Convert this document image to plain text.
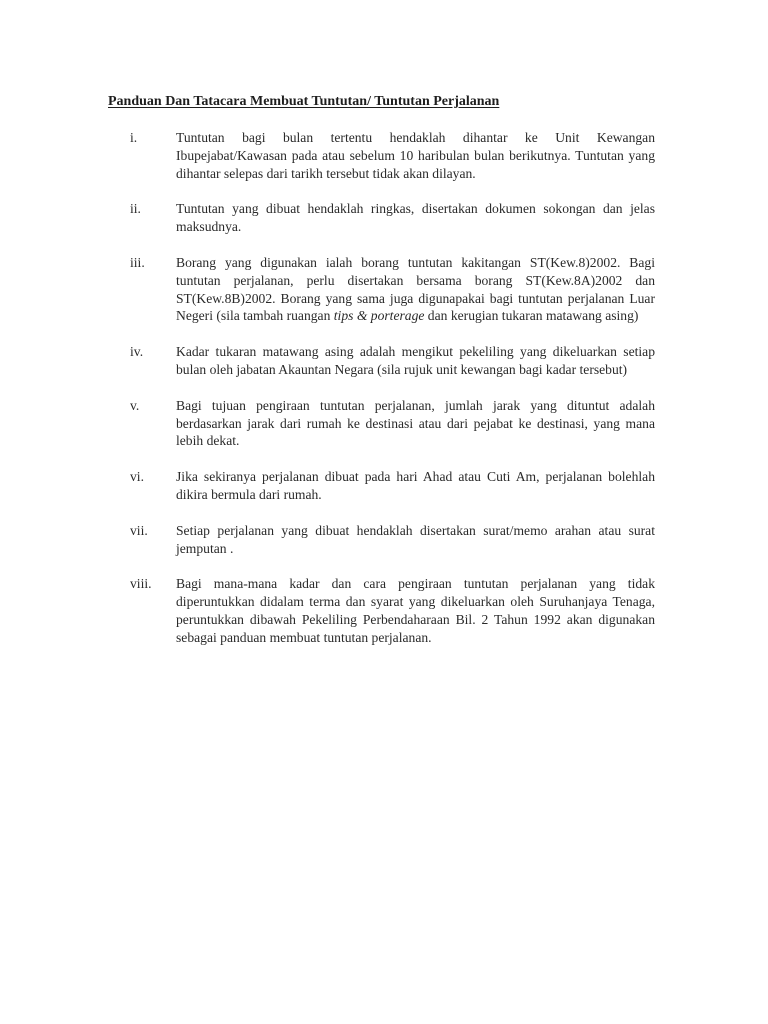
Panduan Dan Tatacara Membuat Tuntutan/ Tuntutan Perjalanan
i.	Tuntutan bagi bulan tertentu hendaklah dihantar ke Unit Kewangan Ibupejabat/Kawasan pada atau sebelum 10 haribulan bulan berikutnya. Tuntutan yang dihantar selepas dari tarikh tersebut tidak akan dilayan.
ii.	Tuntutan yang dibuat hendaklah ringkas, disertakan dokumen sokongan dan jelas maksudnya.
iii. Borang yang digunakan ialah borang tuntutan kakitangan ST(Kew.8)2002. Bagi tuntutan perjalanan, perlu disertakan bersama borang ST(Kew.8A)2002 dan ST(Kew.8B)2002. Borang yang sama juga digunapakai bagi tuntutan perjalanan Luar Negeri (sila tambah ruangan tips & porterage dan kerugian tukaran matawang asing)
iv. Kadar tukaran matawang asing adalah mengikut pekeliling yang dikeluarkan setiap bulan oleh jabatan Akauntan Negara (sila rujuk unit kewangan bagi kadar tersebut)
v.	Bagi tujuan pengiraan tuntutan perjalanan, jumlah jarak yang dituntut adalah berdasarkan jarak dari rumah ke destinasi atau dari pejabat ke destinasi, yang mana lebih dekat.
vi. Jika sekiranya perjalanan dibuat pada hari Ahad atau Cuti Am, perjalanan bolehlah dikira bermula dari rumah.
vii. Setiap perjalanan yang dibuat hendaklah disertakan surat/memo arahan atau surat jemputan .
viii. Bagi mana-mana kadar dan cara pengiraan tuntutan perjalanan yang tidak diperuntukkan didalam terma dan syarat yang dikeluarkan oleh Suruhanjaya Tenaga, peruntukkan dibawah Pekeliling Perbendaharaan Bil. 2 Tahun 1992 akan digunakan sebagai panduan membuat tuntutan perjalanan.
